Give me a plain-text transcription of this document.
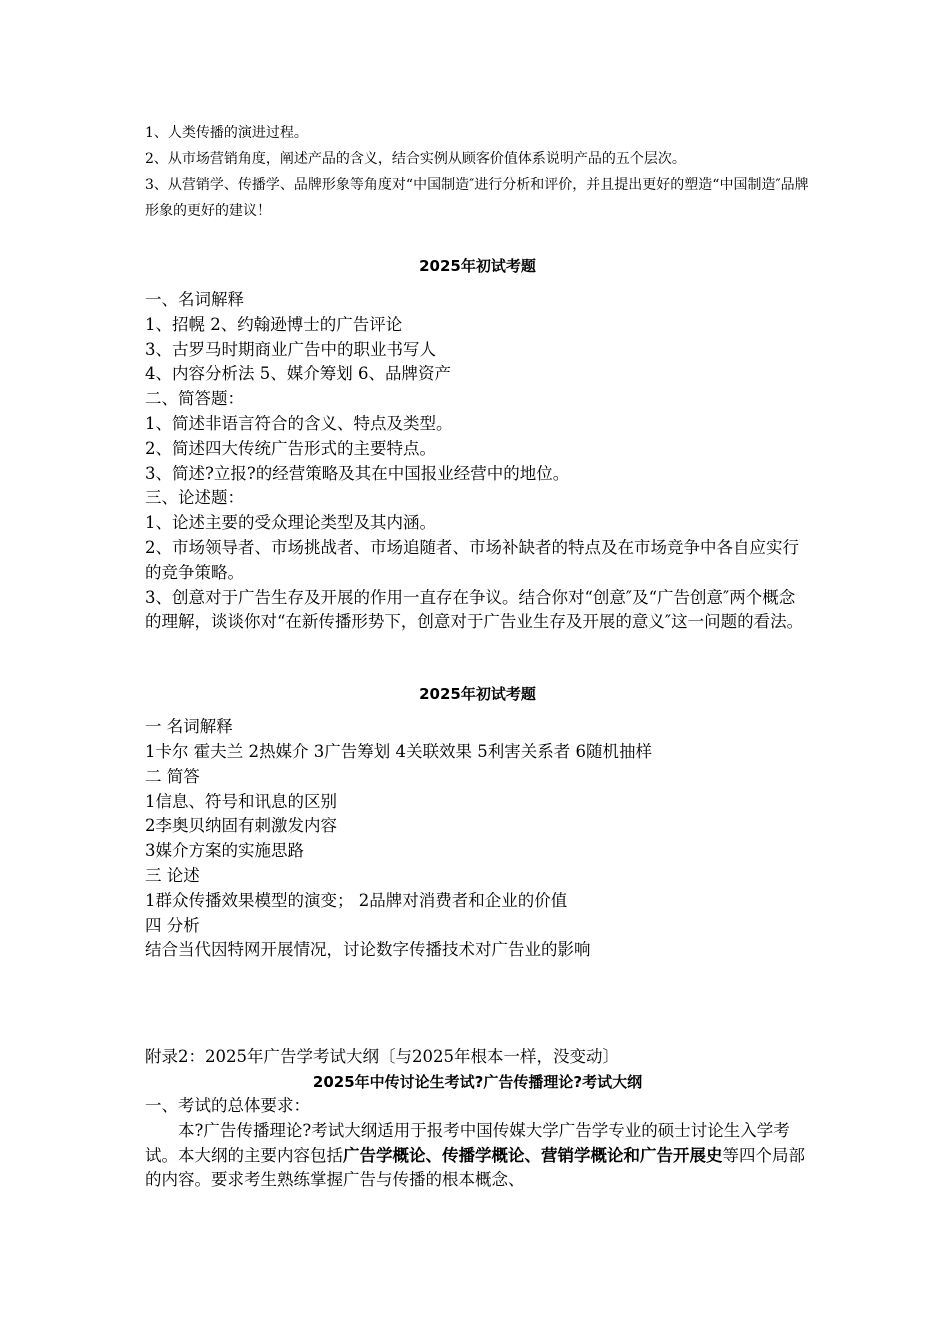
1、人类传播的演进过程。

2、从市场营销角度，阐述产品的含义，结合实例从顾客价值体系说明产品的五个层次。

3、从营销学、传播学、品牌形象等角度对“中国制造″进行分析和评价，并且提出更好的塑造“中国制造″品牌形象的更好的建议！

2025年初试考题

一、名词解释

1、招幌 2、约翰逊博士的广告评论

3、古罗马时期商业广告中的职业书写人

4、内容分析法 5、媒介筹划 6、品牌资产

二、简答题：

1、简述非语言符合的含义、特点及类型。

2、简述四大传统广告形式的主要特点。

3、简述?立报?的经营策略及其在中国报业经营中的地位。

三、论述题：

1、论述主要的受众理论类型及其内涵。

2、市场领导者、市场挑战者、市场追随者、市场补缺者的特点及在市场竞争中各自应实行的竞争策略。

3、创意对于广告生存及开展的作用一直存在争议。结合你对“创意″及“广告创意″两个概念的理解，谈谈你对“在新传播形势下，创意对于广告业生存及开展的意义″这一问题的看法。

2025年初试考题

一 名词解释

1卡尔 霍夫兰 2热媒介 3广告筹划 4关联效果 5利害关系者 6随机抽样

二 简答

1信息、符号和讯息的区别

2李奥贝纳固有刺激发内容

3媒介方案的实施思路

三 论述

1群众传播效果模型的演变； 2品牌对消费者和企业的价值

四 分析

结合当代因特网开展情况，讨论数字传播技术对广告业的影响

附录2：2025年广告学考试大纲〔与2025年根本一样，没变动〕

2025年中传讨论生考试?广告传播理论?考试大纲

一、考试的总体要求：

本?广告传播理论?考试大纲适用于报考中国传媒大学广告学专业的硕士讨论生入学考试。本大纲的主要内容包括广告学概论、传播学概论、营销学概论和广告开展史等四个局部的内容。要求考生熟练掌握广告与传播的根本概念、
